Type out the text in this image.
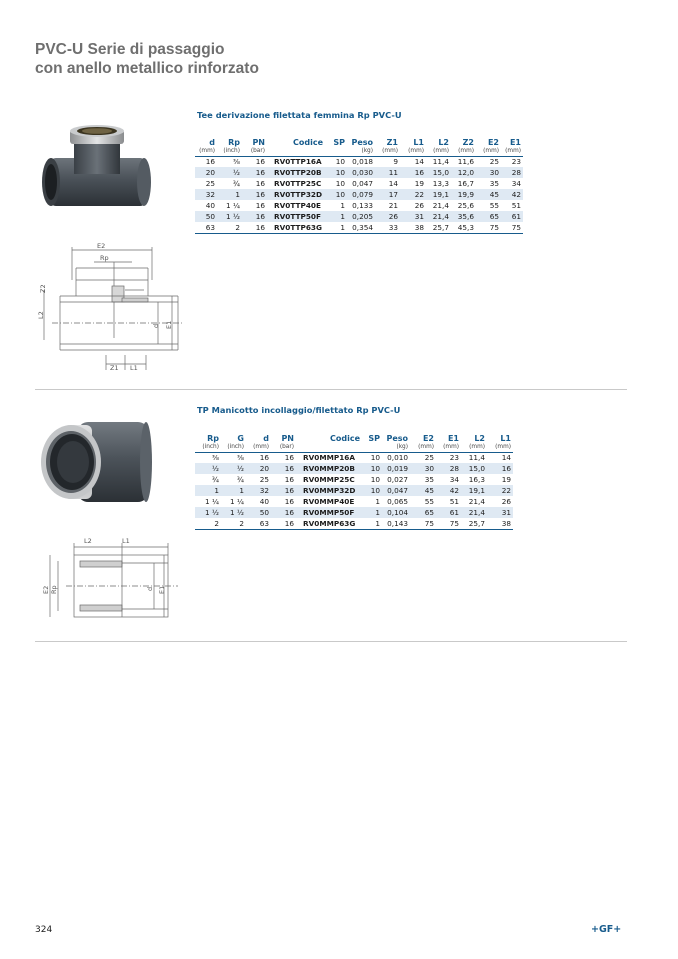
PVC-U Serie di passaggio
con anello metallico rinforzato
Tee derivazione filettata femmina Rp PVC-U
E2
Rp
Z2
L2
d E1
Z1 L1
d	Rp	PN	Codice	SP	Peso	Z1	L1	L2	Z2	E2	E1
(mm)	(inch)	(bar)			(kg)	(mm)	(mm)	(mm)	(mm)	(mm)	(mm)
16	⅜	16	RV0TTP16A	10	0,018	9	14	11,4	11,6	25	23
20	½	16	RV0TTP20B	10	0,030	11	16	15,0	12,0	30	28
25	¾	16	RV0TTP25C	10	0,047	14	19	13,3	16,7	35	34
32	1	16	RV0TTP32D	10	0,079	17	22	19,1	19,9	45	42
40	1 ¼	16	RV0TTP40E	1	0,133	21	26	21,4	25,6	55	51
50	1 ½	16	RV0TTP50F	1	0,205	26	31	21,4	35,6	65	61
63	2	16	RV0TTP63G	1	0,354	33	38	25,7	45,3	75	75
TP Manicotto incollaggio/filettato Rp PVC-U
L2	L1
E2 Rp	d E1
Rp	G	d	PN	Codice	SP	Peso	E2	E1	L2	L1
(inch)	(inch)	(mm)	(bar)			(kg)	(mm)	(mm)	(mm)	(mm)
⅜	⅜	16	16	RV0MMP16A	10	0,010	25	23	11,4	14
½	½	20	16	RV0MMP20B	10	0,019	30	28	15,0	16
¾	¾	25	16	RV0MMP25C	10	0,027	35	34	16,3	19
1	1	32	16	RV0MMP32D	10	0,047	45	42	19,1	22
1 ¼	1 ¼	40	16	RV0MMP40E	1	0,065	55	51	21,4	26
1 ½	1 ½	50	16	RV0MMP50F	1	0,104	65	61	21,4	31
2	2	63	16	RV0MMP63G	1	0,143	75	75	25,7	38
324	+GF+
